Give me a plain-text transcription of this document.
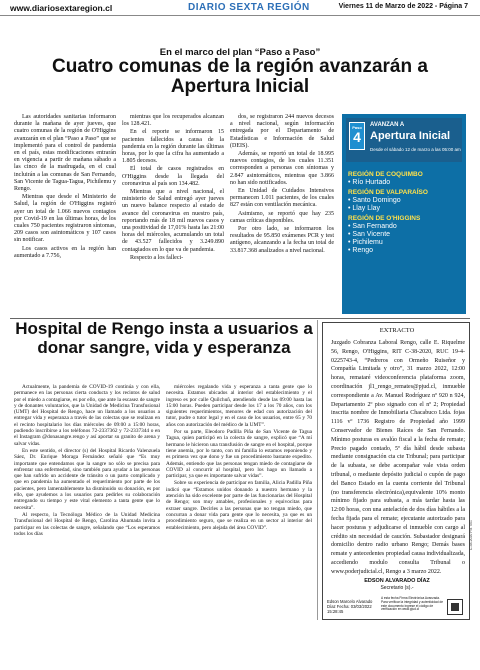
www.diariosextaregion.cl	DIARIO SEXTA REGIÓN	Viernes 11 de Marzo de 2022 - Página 7
En el marco del plan “Paso a Paso”
Cuatro comunas de la región avanzarán a Apertura Inicial

Las autoridades sanitarias informaron durante la mañana de ayer jueves, que cuatro comunas de la región de O'Higgins avanzarán en el plan “Paso a Paso” que se implementó para el control de pandemia en el país, estas modificaciones entrarán en vigencia a partir de mañana sábado a las cinco de la madrugada, en el cual incluirán a las comunas de San Fernando, San Vicente de Tagua-Tagua, Pichilemu y Rengo.

Mientras que desde el Ministerio de Salud, la región de O'Higgins registró ayer un total de 1.066 nuevos contagios por Covid-19 en las últimas horas, de los cuales 750 pacientes registraron síntomas, 209 casos son asintomáticos y 107 casos sin notificar.

Los casos activos en la región han aumentado a 7.756,

mientras que los recuperados alcanzan los 128.421.

En el reporte se informaron 15 pacientes fallecidos a causa de la pandemia en la región durante las últimas horas, por lo que la cifra ha aumentado a 1.805 decesos.

El total de casos registrados en O'Higgins desde la llegada del coronavirus al país son 134.482.

Mientras que a nivel nacional, el ministerio de Salud entregó ayer jueves un nuevo balance respecto al estado de avance del coronavirus en nuestro país, reportando más de 18 mil nuevos casos y una positividad de 17,01% hasta las 21:00 horas del miércoles, acumulando un total de 43.527 fallecidos y 3.249.890 contagiados en lo que va de pandemia.

Respecto a los falleci-

dos, se registraron 244 nuevos decesos a nivel nacional, según información entregada por el Departamento de Estadísticas e Información de Salud (DEIS).

Además, se reportó un total de 18.995 nuevos contagios, de los cuales 11.351 corresponden a personas con síntomas y 2.847 asintomáticos, mientras que 3.866 no han sido notificados.

En Unidad de Cuidados Intensivos permanecen 1.011 pacientes, de los cuales 827 están con ventilación mecánica.

Asimismo, se reportó que hay 235 camas críticas disponibles.

Por otro lado, se informaron los resultados de 95.850 exámenes PCR y test antígeno, alcanzando a la fecha un total de 33.817.368 analizados a nivel nacional.

Paso
4
AVANZAN A
Apertura Inicial
Desde el sábado 12 de marzo a las 05:00 am
REGIÓN DE COQUIMBO
• Río Hurtado
REGIÓN DE VALPARAÍSO
• Santo Domingo
• Llay Llay
REGIÓN DE O'HIGGINS
• San Fernando
• San Vicente
• Pichilemu
• Rengo
Hospital de Rengo insta a usuarios a donar sangre, vida y esperanza

Actualmente, la pandemia de COVID-19 continúa y con ella, permanece en las personas cierta conducta y los recintos de salud por el miedo a contagiarse, es por ello, que ante la escasez de sangre y de donantes voluntarios, que la Unidad de Medicina Transfusional (UMT) del Hospital de Rengo, hace un llamado a los usuarios a entregar vida y esperanza a través de las colectas que se realizan en el recinto hospitalario los días miércoles de 09:00 a 15:00 horas, pudiendo inscribirse a los teléfonos 72-2337362 y 72-2337344 o en el Instagram @donasangre.rengo y así aportar su granito de arena y salvar vidas.

En este sentido, el director (s) del Hospital Ricardo Valenzuela Sáez, Dr. Enrique Moraga Fernández señaló que “Es muy importante que entendamos que la sangre no sólo se precisa para enfrentar una enfermedad, sino también para ayudar a las personas que han sufrido un accidente de tránsito o un parto complicado y que en pandemia ha aumentado el requerimiento por parte de los pacientes, pero lamentablemente ha disminuido su donación, es por ello, que ayudemos a los usuarios para pedirles su colaboración entregando su tiempo y este vital elemento a tanta gente que lo necesita”.

Al respecto, la Tecnóloga Médico de la Unidad Medicina Transfusional del Hospital de Rengo, Carolina Ahumada invita a participar en las colectas de sangre, señalando que “Los esperamos todos los días

miércoles regalando vida y esperanza a tanta gente que lo necesita. Estamos ubicados al interior del establecimiento y el ingreso es por calle Quilchuñ, atendiendo desde las 09:00 hasta las 15:00 horas. Pueden participar desde los 17 a los 70 años, con los siguientes requerimientos, menores de edad con autorización del tutor, pudre o tutor legal y en el caso de los usuarios, entre 65 y 70 años con autorización del médico de la UMT”.

Por su parte, Eleodoro Padilla Piña de San Vicente de Tagua Tagua, quien participó en la colecta de sangre, explicó que “A mí hermano le hicieron una transfusión de sangre en el hospital, porque tiene anemia, por lo tanto, con mi familia lo estamos reponiendo y es primera vez que dono y fue un procedimiento bastante expedito. Además, entiendo que las personas tengan miedo de contagiarse de COVID al concurrir al hospital, pero los hago un llamado a participar, ya que es importante salvar vidas”.

Sobre su experiencia de participar en familia, Alicia Padilla Piña indicó que “Estamos unidos donando a nuestro hermano y la atención ha sido excelente por parte de las funcionarias del Hospital de Rengo; son muy amables, profesionales y equivocitas para extraer sangre. Decirles a las personas que no tengan miedo, que concurran a donar vida para gente que lo necesita, ya que es un procedimiento seguro, que se realiza en un sector al interior del establecimiento, pero alejada del área COVID”.

EXTRACTO
Juzgado Cobranza Laboral Rengo, calle E. Riquelme 56, Rengo, O'Higgins, RIT C-38-2020, RUC 19-4-0225743-4, “Pedreros con Ormeño Ruiseñor y Compañía Limitada y otro”, 31 marzo 2022, 12:00 horas, remataré videoconferencia plataforma zoom, coordinación jl1_rengo_remates@pjud.cl, inmueble correspondiente a Av. Manuel Rodríguez nº 920 n 924, Departamento 2º piso signado con el nº 2; Propiedad inscrita nombre de Inmobiliaria Chacabuco Ltda. fojas 1116 vº 1736 Registro de Propiedad año 1999 Conservador de Bienes Raíces de San Fernando. Mínimo posturas es avalúo fiscal a la fecha de remate; Precio pagado contado, 5º día hábil desde subasta mediante consignación cta cte Tribunal; para participar de la subasta, se debe acompañar vale vista orden tribunal, o mediante depósito judicial o cupón de pago del Banco Estado en la cuenta corriente del Tribunal (no transferencia electrónica),equivalente 10% monto mínimo fijado para subasta, a más tardar hasta las 12:00 horas, con una antelación de dos días hábiles a la fecha fijada para el remate; ejecutante autorizado para hacer posturas y adjudicarse el inmueble con cargo al crédito sin necesidad de caución. Subastador designará domicilio dentro radio urbano Rengo; Demás bases remate y antecedentes propiedad causa individualizada, accediendo modulo consulta Tribunal o www.poderjudicial.cl, Rengo a 3 marzo 2022.
EDSON ALVARADO DÍAZ
Secretario (s).-
Edson Marcelo Alvarado Díaz Fecha: 03/03/2022 15:28:45
A esta fecha Firma Electrónica Avanzada. Para verificar la integridad y autenticidad de este documento ingrese el código de verificación en www.pjud.cl
C-38-2020 Fol. 001
